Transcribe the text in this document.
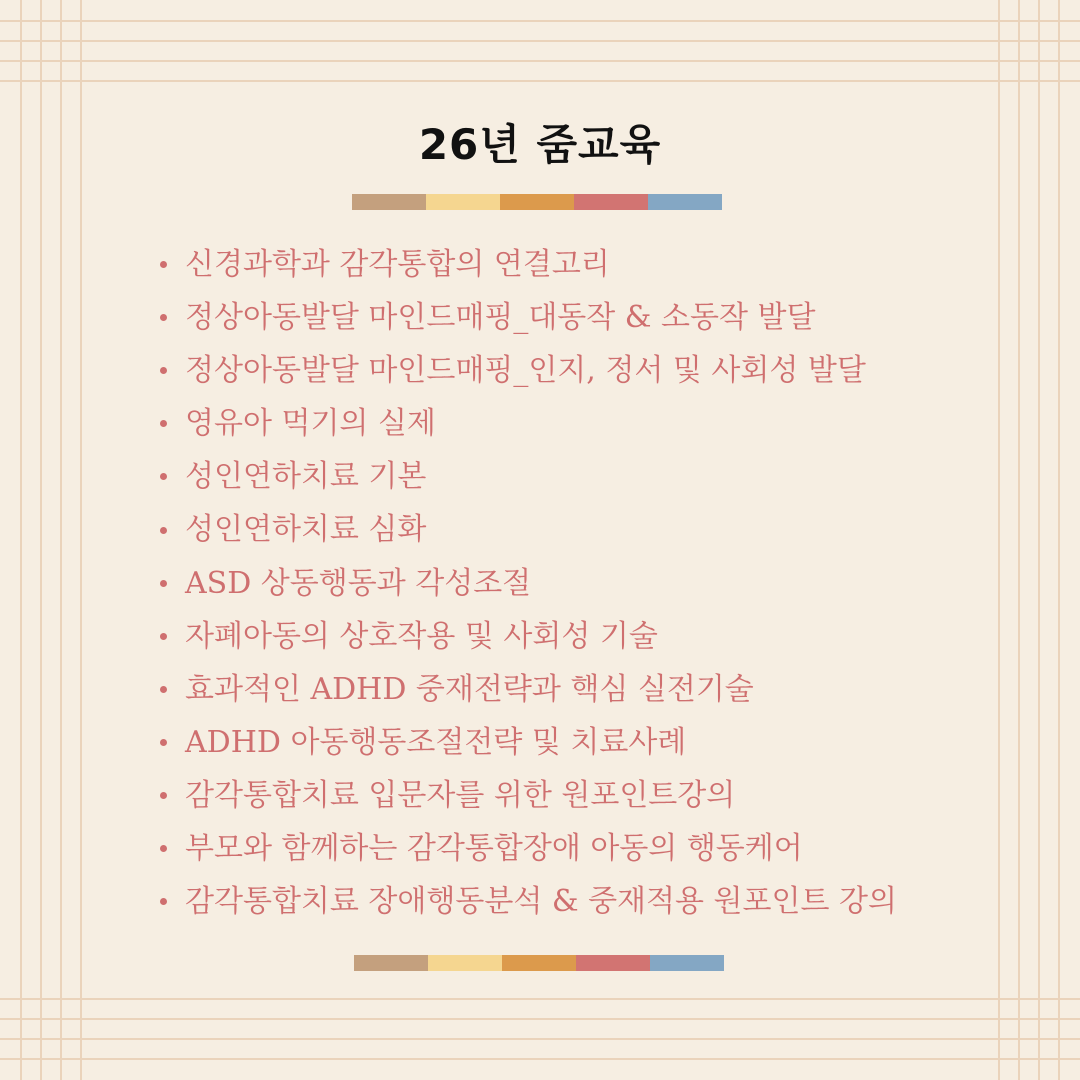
26년 줌교육
신경과학과 감각통합의 연결고리
정상아동발달 마인드매핑_대동작 & 소동작 발달
정상아동발달 마인드매핑_인지, 정서 및 사회성 발달
영유아 먹기의 실제
성인연하치료 기본
성인연하치료 심화
ASD 상동행동과 각성조절
자폐아동의 상호작용 및 사회성 기술
효과적인 ADHD 중재전략과 핵심 실전기술
ADHD 아동행동조절전략 및 치료사례
감각통합치료 입문자를 위한 원포인트강의
부모와 함께하는 감각통합장애 아동의 행동케어
감각통합치료 장애행동분석 & 중재적용 원포인트 강의
